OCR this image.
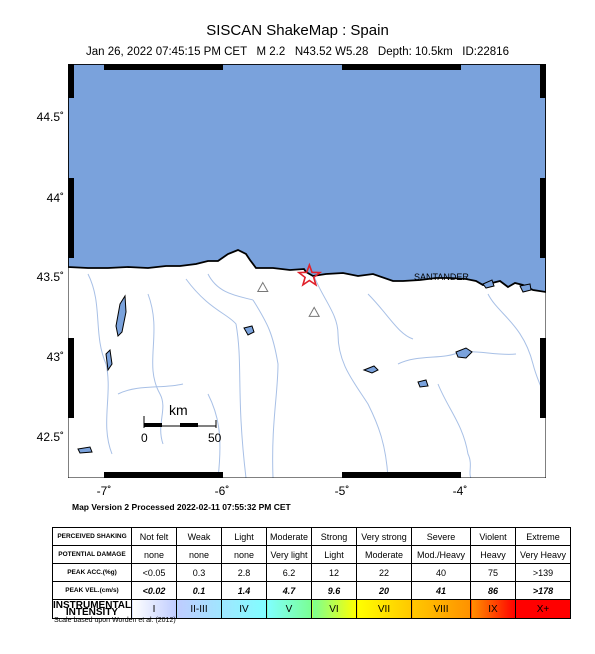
SISCAN ShakeMap : Spain
Jan 26, 2022 07:45:15 PM CET   M 2.2   N43.52 W5.28   Depth: 10.5km   ID:22816
km
0	50
SANTANDER
44.5˚
44˚
43.5˚
43˚
42.5˚
-7˚	-6˚	-5˚	-4˚
Map Version 2 Processed 2022-02-11 07:55:32 PM CET
PERCEIVED SHAKING	Not felt	Weak	Light	Moderate	Strong	Very strong	Severe	Violent	Extreme
POTENTIAL DAMAGE	none	none	none	Very light	Light	Moderate	Mod./Heavy	Heavy	Very Heavy
PEAK ACC.(%g)	<0.05	0.3	2.8	6.2	12	22	40	75	>139
PEAK VEL.(cm/s)	<0.02	0.1	1.4	4.7	9.6	20	41	86	>178
INSTRUMENTAL INTENSITY	I	II-III	IV	V	VI	VII	VIII	IX	X+
Scale based upon Worden et al. (2012)
